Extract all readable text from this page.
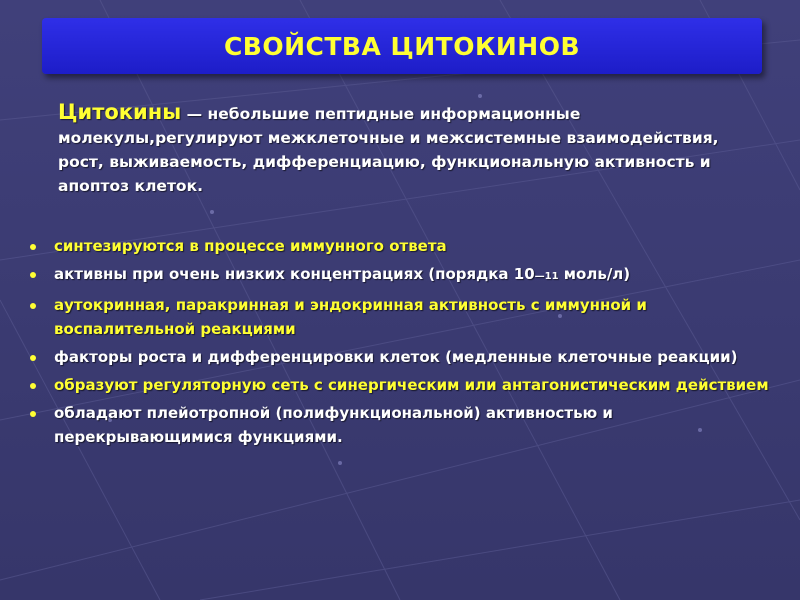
СВОЙСТВА ЦИТОКИНОВ
Цитокины — небольшие пептидные информационные молекулы,регулируют межклеточные и межсистемные взаимодействия, рост, выживаемость, дифференциацию, функциональную активность и апоптоз клеток.
синтезируются в процессе иммунного ответа
активны при очень низких концентрациях (порядка 10—11 моль/л)
аутокринная, паракринная и эндокринная активность с иммунной и воспалительной реакциями
факторы роста и дифференцировки клеток (медленные клеточные реакции)
образуют регуляторную сеть с синергическим или антагонистическим действием
обладают плейотропной (полифункциональной) активностью и перекрывающимися функциями.
